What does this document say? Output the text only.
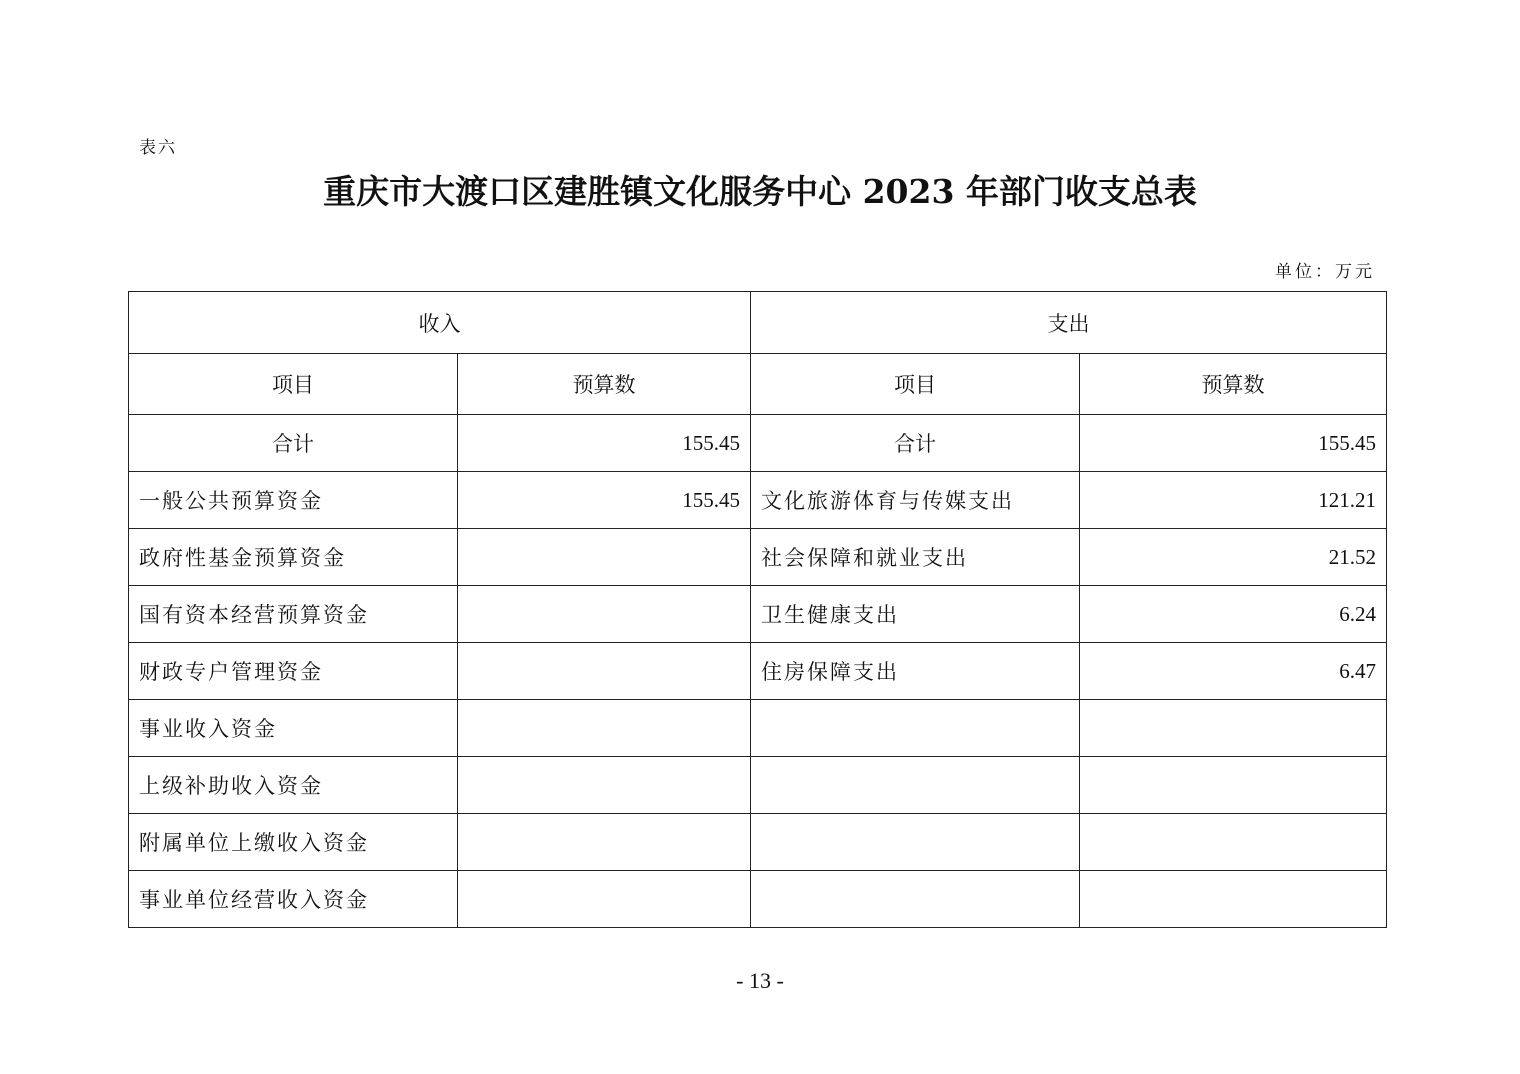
表六
重庆市大渡口区建胜镇文化服务中心 2023 年部门收支总表
单位：万元
收入		支出	
项目	预算数	项目	预算数
合计	155.45	合计	155.45
一般公共预算资金	155.45	文化旅游体育与传媒支出	121.21
政府性基金预算资金		社会保障和就业支出	21.52
国有资本经营预算资金		卫生健康支出	6.24
财政专户管理资金		住房保障支出	6.47
事业收入资金			
上级补助收入资金			
附属单位上缴收入资金			
事业单位经营收入资金			
- 13 -
